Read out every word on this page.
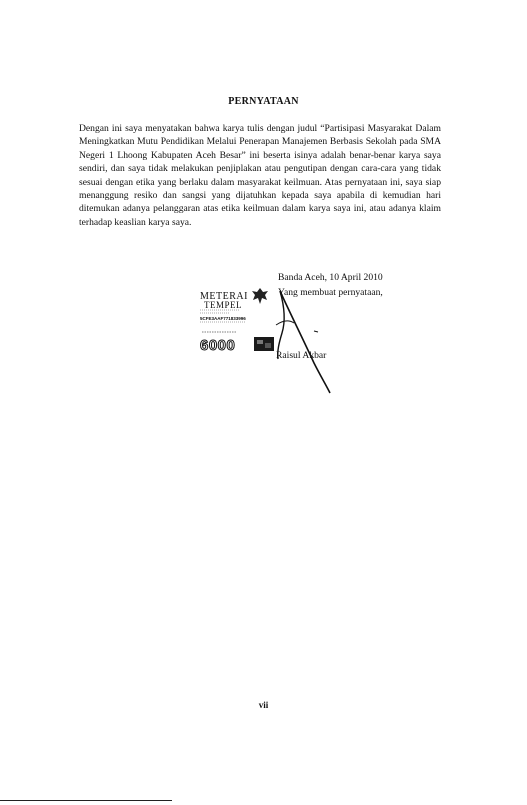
PERNYATAAN

Dengan ini saya menyatakan bahwa karya tulis dengan judul “Partisipasi Masyarakat Dalam Meningkatkan Mutu Pendidikan Melalui Penerapan Manajemen Berbasis Sekolah pada SMA Negeri 1 Lhoong Kabupaten Aceh Besar” ini beserta isinya adalah benar-benar karya saya sendiri, dan saya tidak melakukan penjiplakan atau pengutipan dengan cara-cara yang tidak sesuai dengan etika yang berlaku dalam masyarakat keilmuan. Atas pernyataan ini, saya siap menanggung resiko dan sangsi yang dijatuhkan kepada saya apabila di kemudian hari ditemukan adanya pelanggaran atas etika keilmuan dalam karya saya ini, atau adanya klaim terhadap keaslian karya saya.

Banda Aceh, 10 April 2010
Yang membuat pernyataan,
METERAI
TEMPEL
5CFE3AAF771833996
6000
Raisul Akbar
vii
